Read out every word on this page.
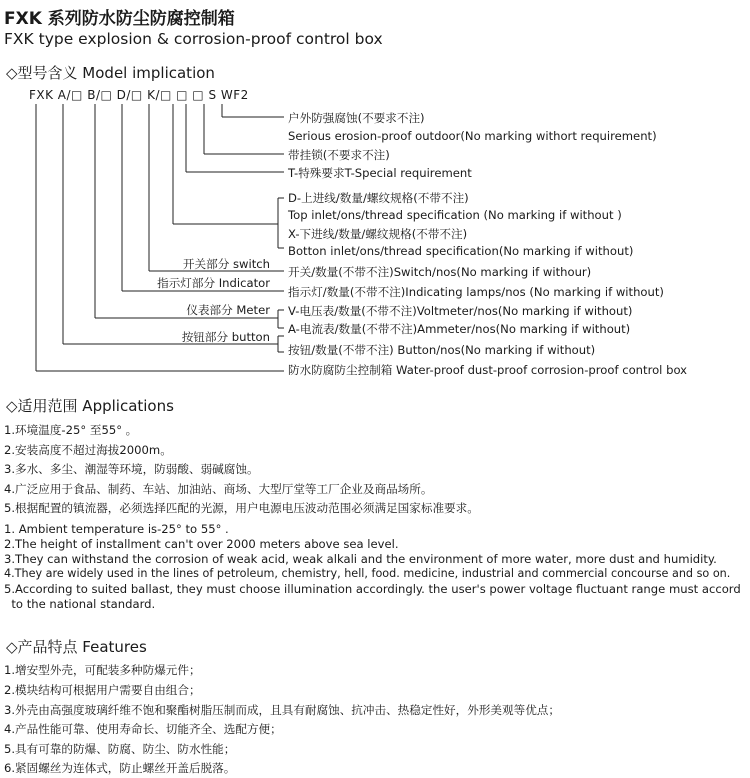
FXK 系列防水防尘防腐控制箱
FXK type explosion & corrosion-proof control box
◇型号含义 Model implication
FXK A/□ B/□ D/□ K/□ □ □ S WF2
户外防强腐蚀(不要求不注)
Serious erosion-proof outdoor(No marking withort requirement)
带挂锁(不要求不注)
T-特殊要求T-Special requirement
D-上进线/数量/螺纹规格(不带不注)
Top inlet/ons/thread specification (No marking if without )
X-下进线/数量/螺纹规格(不带不注)
Botton inlet/ons/thread specification(No marking if without)
开关/数量(不带不注)Switch/nos(No marking if withour)
指示灯/数量(不带不注)Indicating lamps/nos (No marking if without)
V-电压表/数量(不带不注)Voltmeter/nos(No marking if without)
A-电流表/数量(不带不注)Ammeter/nos(No marking if without)
按钮/数量(不带不注) Button/nos(No marking if without)
防水防腐防尘控制箱 Water-proof dust-proof corrosion-proof control box
开关部分 switch
指示灯部分 Indicator
仪表部分 Meter
按钮部分 button
◇适用范围 Applications
1.环境温度-25° 至55° 。
2.安装高度不超过海拔2000m。
3.多水、多尘、潮湿等环境，防弱酸、弱碱腐蚀。
4.广泛应用于食品、制药、车站、加油站、商场、大型厅堂等工厂企业及商品场所。
5.根据配置的镇流器，必须选择匹配的光源，用户电源电压波动范围必须满足国家标准要求。
1. Ambient temperature is-25° to 55° .
2.The height of installment can't over 2000 meters above sea level.
3.They can withstand the corrosion of weak acid, weak alkali and the environment of more water, more dust and humidity.
4.They are widely used in the lines of petroleum, chemistry, hell, food. medicine, industrial and commercial concourse and so on.
5.According to suited ballast, they must choose illumination accordingly. the user's power voltage fluctuant range must accord
to the national standard.
◇产品特点 Features
1.增安型外壳，可配装多种防爆元件；
2.模块结构可根据用户需要自由组合；
3.外壳由高强度玻璃纤维不饱和聚酯树脂压制而成，且具有耐腐蚀、抗冲击、热稳定性好，外形美观等优点；
4.产品性能可靠、使用寿命长、切能齐全、选配方便；
5.具有可靠的防爆、防腐、防尘、防水性能；
6.紧固螺丝为连体式，防止螺丝开盖后脱落。
